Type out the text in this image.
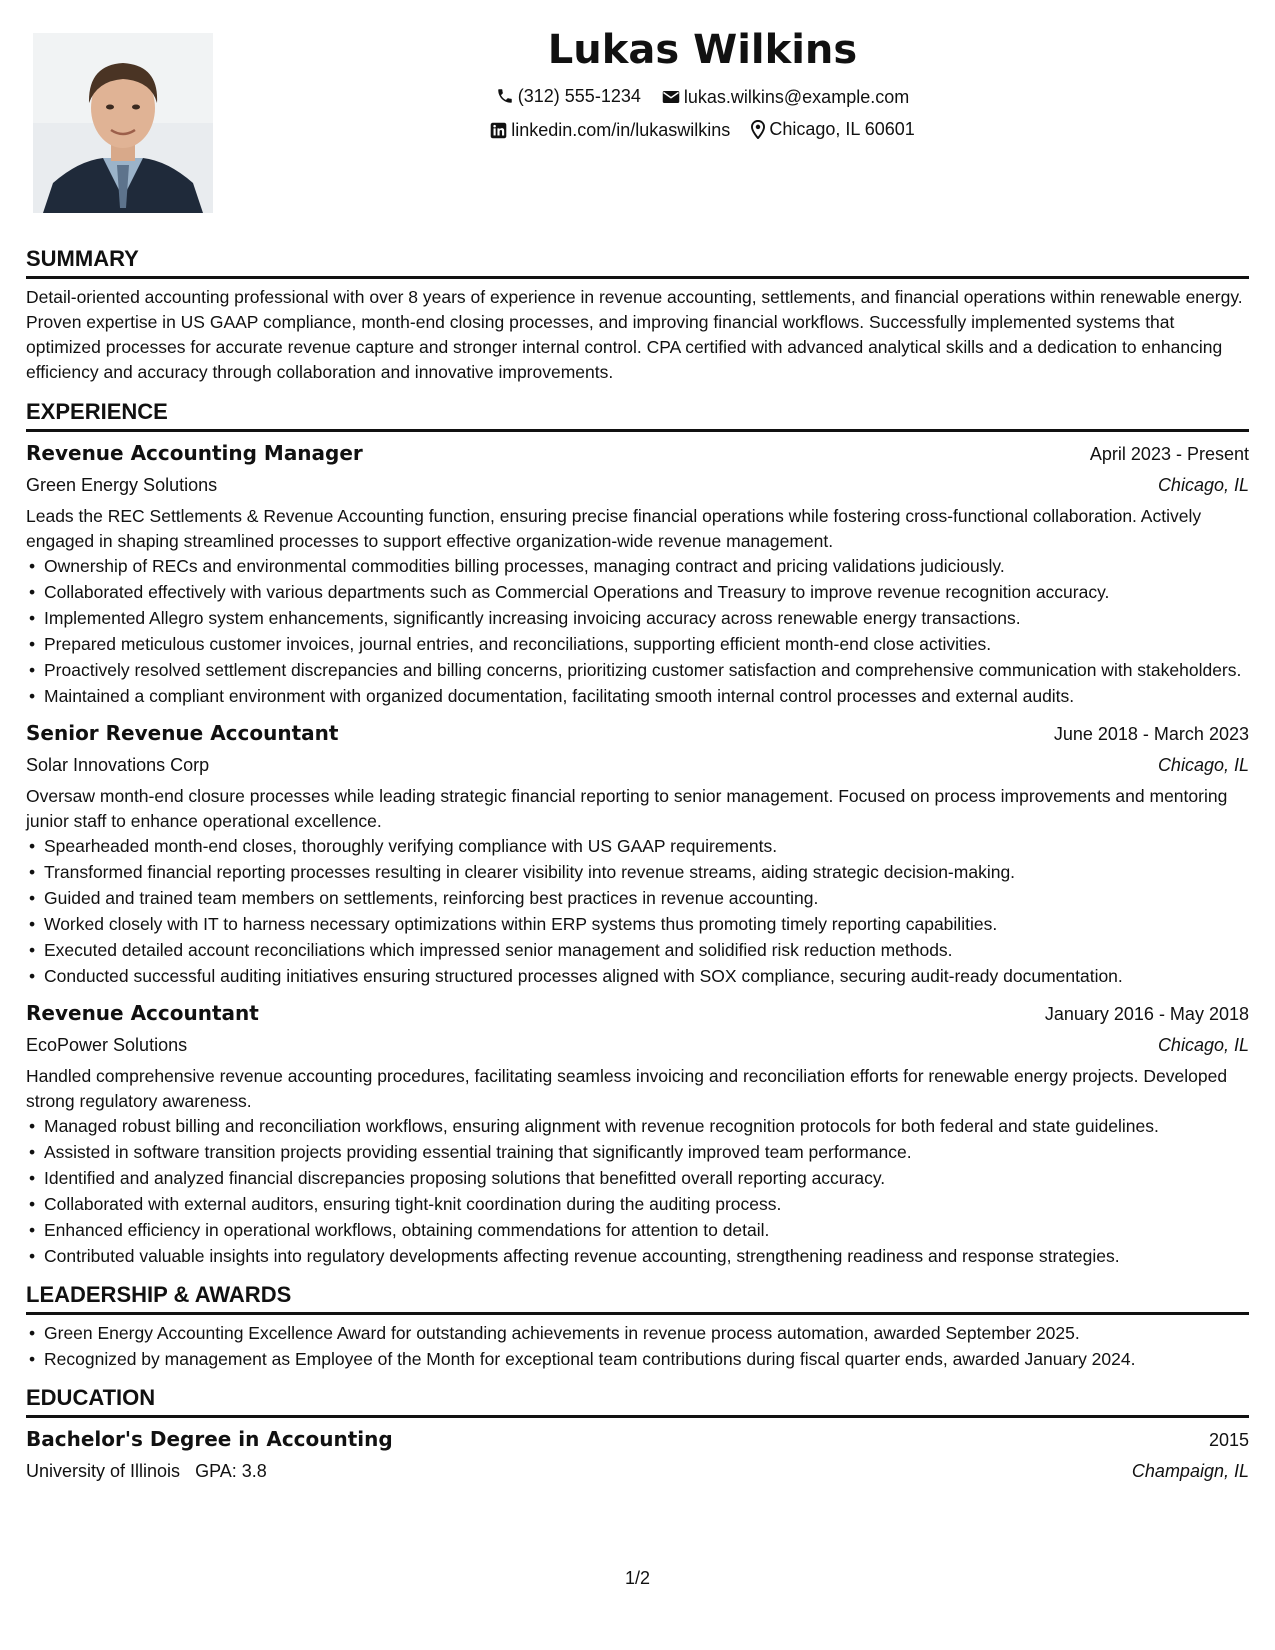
Lukas Wilkins
(312) 555-1234
lukas.wilkins@example.com
linkedin.com/in/lukaswilkins
Chicago, IL 60601
SUMMARY
Detail-oriented accounting professional with over 8 years of experience in revenue accounting, settlements, and financial operations within renewable energy. Proven expertise in US GAAP compliance, month-end closing processes, and improving financial workflows. Successfully implemented systems that optimized processes for accurate revenue capture and stronger internal control. CPA certified with advanced analytical skills and a dedication to enhancing efficiency and accuracy through collaboration and innovative improvements.
EXPERIENCE
Revenue Accounting Manager	April 2023 - Present
Green Energy Solutions	Chicago, IL
Leads the REC Settlements & Revenue Accounting function, ensuring precise financial operations while fostering cross-functional collaboration. Actively engaged in shaping streamlined processes to support effective organization-wide revenue management.
• Ownership of RECs and environmental commodities billing processes, managing contract and pricing validations judiciously.
• Collaborated effectively with various departments such as Commercial Operations and Treasury to improve revenue recognition accuracy.
• Implemented Allegro system enhancements, significantly increasing invoicing accuracy across renewable energy transactions.
• Prepared meticulous customer invoices, journal entries, and reconciliations, supporting efficient month-end close activities.
• Proactively resolved settlement discrepancies and billing concerns, prioritizing customer satisfaction and comprehensive communication with stakeholders.
• Maintained a compliant environment with organized documentation, facilitating smooth internal control processes and external audits.
Senior Revenue Accountant	June 2018 - March 2023
Solar Innovations Corp	Chicago, IL
Oversaw month-end closure processes while leading strategic financial reporting to senior management. Focused on process improvements and mentoring junior staff to enhance operational excellence.
• Spearheaded month-end closes, thoroughly verifying compliance with US GAAP requirements.
• Transformed financial reporting processes resulting in clearer visibility into revenue streams, aiding strategic decision-making.
• Guided and trained team members on settlements, reinforcing best practices in revenue accounting.
• Worked closely with IT to harness necessary optimizations within ERP systems thus promoting timely reporting capabilities.
• Executed detailed account reconciliations which impressed senior management and solidified risk reduction methods.
• Conducted successful auditing initiatives ensuring structured processes aligned with SOX compliance, securing audit-ready documentation.
Revenue Accountant	January 2016 - May 2018
EcoPower Solutions	Chicago, IL
Handled comprehensive revenue accounting procedures, facilitating seamless invoicing and reconciliation efforts for renewable energy projects. Developed strong regulatory awareness.
• Managed robust billing and reconciliation workflows, ensuring alignment with revenue recognition protocols for both federal and state guidelines.
• Assisted in software transition projects providing essential training that significantly improved team performance.
• Identified and analyzed financial discrepancies proposing solutions that benefitted overall reporting accuracy.
• Collaborated with external auditors, ensuring tight-knit coordination during the auditing process.
• Enhanced efficiency in operational workflows, obtaining commendations for attention to detail.
• Contributed valuable insights into regulatory developments affecting revenue accounting, strengthening readiness and response strategies.
LEADERSHIP & AWARDS
• Green Energy Accounting Excellence Award for outstanding achievements in revenue process automation, awarded September 2025.
• Recognized by management as Employee of the Month for exceptional team contributions during fiscal quarter ends, awarded January 2024.
EDUCATION
Bachelor's Degree in Accounting	2015
University of Illinois GPA: 3.8	Champaign, IL
1/2
